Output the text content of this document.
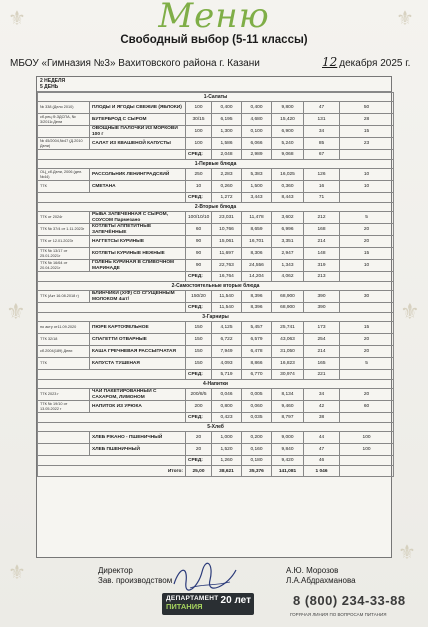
⚜	⚜
⚜	⚜
⚜
⚜
Меню
Свободный выбор (5-11 классы)
МБОУ «Гимназия №3» Вахитовского района г. Казани	12 декабря 2025 г.
2 НЕДЕЛЯ
5 ДЕНЬ
1-Салаты							
№ 338 (Дело 2010)	ПЛОДЫ И ЯГОДЫ СВЕЖИЕ (ЯБЛОКИ)	100	0,400	0,400	9,800	47	50
сб.рец.Ф-ЗДСПА, № 3/2011г.Дели	БУТЕРБРОД С СЫРОМ	30/15	6,195	4,680	15,420	131	28
	ОВОЩНЫЕ ПАЛОЧКИ ИЗ МОРКОВИ 100 г	100	1,300	0,100	6,900	34	15
№ 45/2004,№47 (Д.2010 Дели)	САЛАТ ИЗ КВАШЕНОЙ КАПУСТЫ	100	1,586	6,066	5,240	85	23
		СРЕД:	2,048	2,989	9,068	67	
1-Первые блюда							
ОЦ_сб.Дели, 2006 (дел.№44)	РАССОЛЬНИК ЛЕНИНГРАДСКИЙ	250	2,283	5,383	16,025	126	10
ТТК	СМЕТАНА	10	0,260	1,500	0,360	16	10
		СРЕД:	1,272	3,443	8,443	71	
2-Вторые блюда							
ТТК от 2024г	РЫБА ЗАПЕЧЕННАЯ С СЫРОМ, СОУСОМ Пармезано	100/10/10	23,031	11,478	3,602	212	5
ТТК № 37/4 от 1.11.2023г	КОТЛЕТЫ АППЕТИТНЫЕ ЗАПЕЧЁННЫЕ	60	10,766	8,659	6,996	168	20
ТТК от 12.01.2023г	НАГГЕТСЫ КУРИНЫЕ	90	15,061	16,701	3,351	214	20
ТТК № 13/17 от 25.01.2021г	КОТЛЕТЫ КУРИНЫЕ НЕЖНЫЕ	90	11,697	8,306	2,947	148	15
ТТК № 16/64 от 20.04.2021г	ГОЛЕНЬ КУРИНАЯ В СЛИВОЧНОМ МАРИНАДЕ	90	22,763	24,556	1,343	319	10
		СРЕД:	16,764	14,204	4,062	213	
2-Самостоятельные вторые блюда							
ТТК (Акт 16.08.2018 г)	БЛИНЧИКИ (Х/Ф) СО СГУЩЕННЫМ МОЛОКОМ 4шт/	150/20	11,540	8,396	68,900	390	30
		СРЕД:	11,540	8,396	68,900	390	
3-Гарниры							
по акту от11.09.2020	ПЮРЕ КАРТОФЕЛЬНОЕ	150	4,125	5,457	25,741	173	15
ТТК 32/18	СПАГЕТТИ ОТВАРНЫЕ	150	6,722	6,579	43,063	254	20
сб.2004(189) Дели	КАША ГРЕЧНЕВАЯ РАССЫПЧАТАЯ	150	7,949	6,478	31,050	214	20
ТТК	КАПУСТА ТУШЕНАЯ	150	4,093	8,866	16,823	165	5
		СРЕД:	5,719	6,770	30,974	221	
4-Напитки							
ТТК 2023 г	ЧАЙ ПАКЕТИРОВАННЫЙ С САХАРОМ, ЛИМОНОМ	200/8/5	0,046	0,005	8,134	34	20
ТТК № 19/10 от 13.05.2022 г	НАПИТОК ИЗ УРЮКА	200	0,800	0,060	9,460	42	60
		СРЕД:	0,423	0,035	8,797	38	
5-Хлеб							
	ХЛЕБ РЖАНО - ПШЕНИЧНЫЙ	20	1,000	0,200	9,000	44	100
	ХЛЕБ ПШЕНИЧНЫЙ	20	1,520	0,160	9,840	47	100
		СРЕД:	1,260	0,180	9,420	46	
Итого:		25,00	38,621	35,376	141,081	1 046	
Директор
Зав. производством
А.Ю. Морозов
Л.А.Абдрахманова
ДЕПАРТАМЕНТ
ПИТАНИЯ
20 лет	8 (800) 234-33-88
ГОРЯЧАЯ ЛИНИЯ ПО ВОПРОСАМ ПИТАНИЯ
